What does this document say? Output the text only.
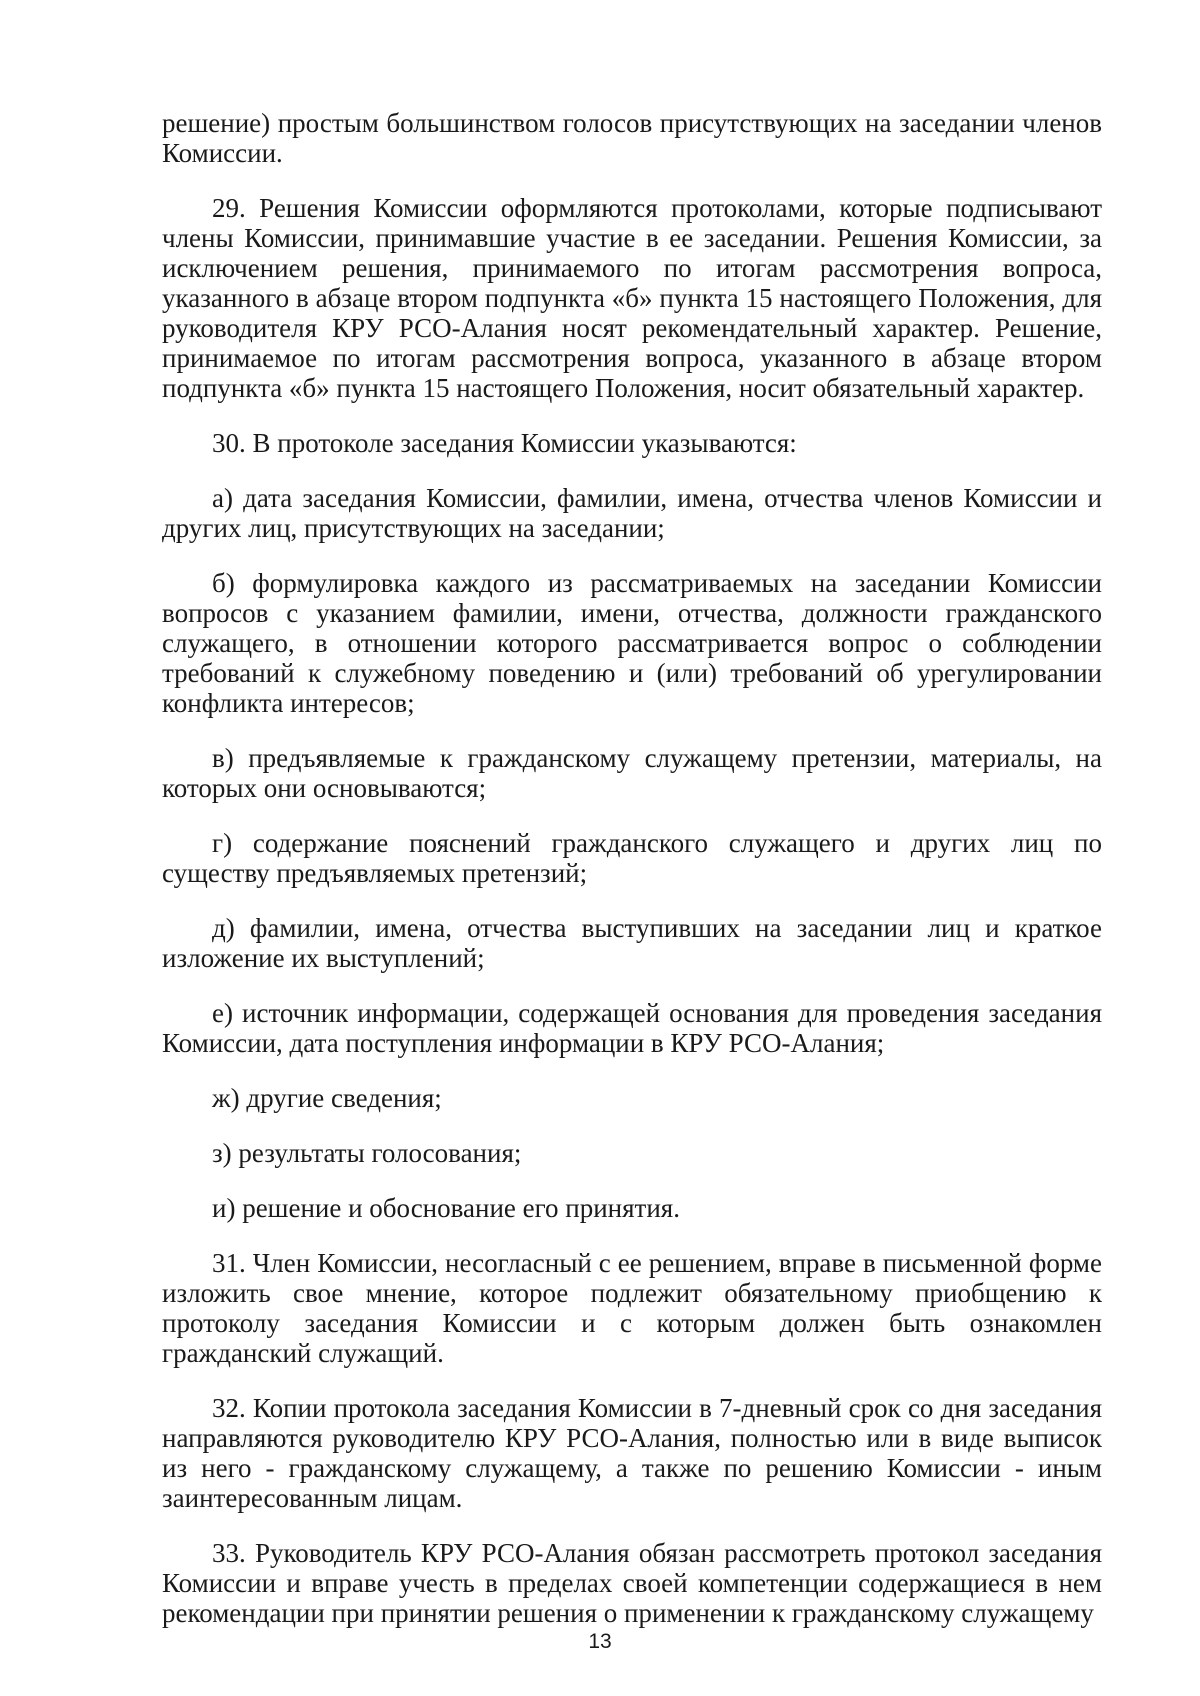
решение) простым большинством голосов присутствующих на заседании членов Комиссии.

29. Решения Комиссии оформляются протоколами, которые подписывают члены Комиссии, принимавшие участие в ее заседании. Решения Комиссии, за исключением решения, принимаемого по итогам рассмотрения вопроса, указанного в абзаце втором подпункта «б» пункта 15 настоящего Положения, для руководителя КРУ РСО-Алания носят рекомендательный характер. Решение, принимаемое по итогам рассмотрения вопроса, указанного в абзаце втором подпункта «б» пункта 15 настоящего Положения, носит обязательный характер.

30. В протоколе заседания Комиссии указываются:

а) дата заседания Комиссии, фамилии, имена, отчества членов Комиссии и других лиц, присутствующих на заседании;

б) формулировка каждого из рассматриваемых на заседании Комиссии вопросов с указанием фамилии, имени, отчества, должности гражданского служащего, в отношении которого рассматривается вопрос о соблюдении требований к служебному поведению и (или) требований об урегулировании конфликта интересов;

в) предъявляемые к гражданскому служащему претензии, материалы, на которых они основываются;

г) содержание пояснений гражданского служащего и других лиц по существу предъявляемых претензий;

д) фамилии, имена, отчества выступивших на заседании лиц и краткое изложение их выступлений;

е) источник информации, содержащей основания для проведения заседания Комиссии, дата поступления информации в КРУ РСО-Алания;

ж) другие сведения;

з) результаты голосования;

и) решение и обоснование его принятия.

31. Член Комиссии, несогласный с ее решением, вправе в письменной форме изложить свое мнение, которое подлежит обязательному приобщению к протоколу заседания Комиссии и с которым должен быть ознакомлен гражданский служащий.

32. Копии протокола заседания Комиссии в 7-дневный срок со дня заседания направляются руководителю КРУ РСО-Алания, полностью или в виде выписок из него - гражданскому служащему, а также по решению Комиссии - иным заинтересованным лицам.

33. Руководитель КРУ РСО-Алания обязан рассмотреть протокол заседания Комиссии и вправе учесть в пределах своей компетенции содержащиеся в нем рекомендации при принятии решения о применении к гражданскому служащему

13
